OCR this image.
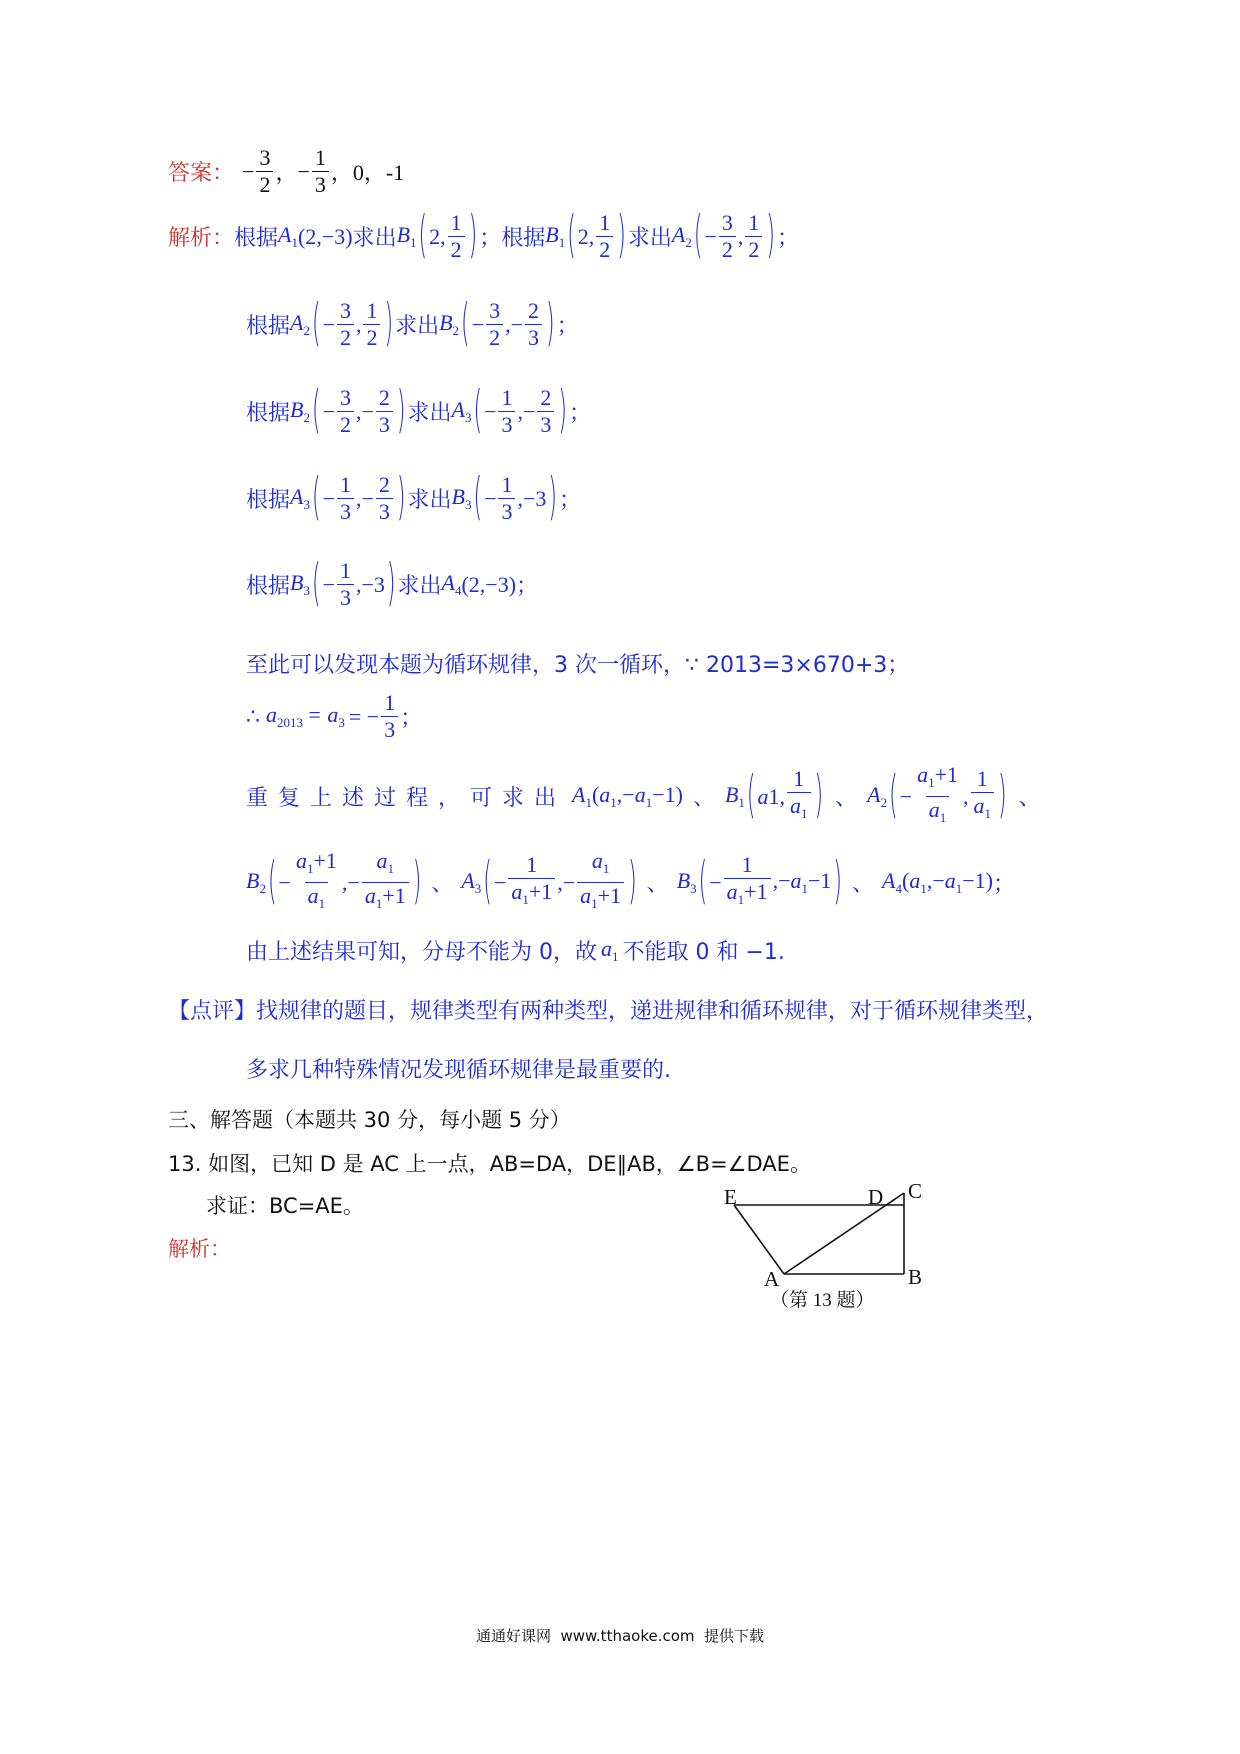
答案： − $\frac{3}{2}$ ， − $\frac{1}{3}$ ，0，-1
解析： 根据 $A_1$ (2,−3) 求出 $B_1$ ( 2 , $\frac{1}{2}$ ) ； 根据 $B_1$ ( 2 , $\frac{1}{2}$ ) 求出 $A_2$ ( − $\frac{3}{2}$ , $\frac{1}{2}$ ) ；
根据 $A_2$ ( − $\frac{3}{2}$ , $\frac{1}{2}$ ) 求出 $B_2$ ( − $\frac{3}{2}$ , − $\frac{2}{3}$ ) ；
根据 $B_2$ ( − $\frac{3}{2}$ , − $\frac{2}{3}$ ) 求出 $A_3$ ( − $\frac{1}{3}$ , − $\frac{2}{3}$ ) ；
根据 $A_3$ ( − $\frac{1}{3}$ , − $\frac{2}{3}$ ) 求出 $B_3$ ( − $\frac{1}{3}$ , −3 ) ；
根据 $B_3$ ( − $\frac{1}{3}$ , −3 ) 求出 $A_4$ (2,−3) ；
至此可以发现本题为循环规律，3 次一循环，∵ 2013=3×670+3；
∴ $a_{2013} = a_3$ = − $\frac{1}{3}$ ；
重复上述过程，可求出 $A_1$ $(a_1,-a_1-1)$ 、 $B_1$ ( a 1 , $\frac{1}{a_1}$ ) 、 $A_2$ ( − $\frac{a_1+1}{a_1}$ , $\frac{1}{a_1}$ ) 、
$B_2$ ( − $\frac{a_1+1}{a_1}$ ,− $\frac{a_1}{a_1+1}$ ) 、 $A_3$ ( − $\frac{1}{a_1+1}$ ,− $\frac{a_1}{a_1+1}$ ) 、 $B_3$ ( − $\frac{1}{a_1+1} ,-a_1-1$ ) 、 $A_4$ $(a_1,-a_1-1)$ ；
由上述结果可知，分母不能为 0，故 $a_1$ 不能取 0 和 −1.
【点评】 找规律的题目，规律类型有两种类型，递进规律和循环规律，对于循环规律类型，
多求几种特殊情况发现循环规律是最重要的.
三、解答题（本题共 30 分，每小题 5 分）
13. 如图，已知 D 是 AC 上一点，AB=DA，DE∥AB，∠B=∠DAE。
求证：BC=AE。
解析：
E	D C
A	B
（第 13 题）
通通好课网  www.tthaoke.com  提供下载
